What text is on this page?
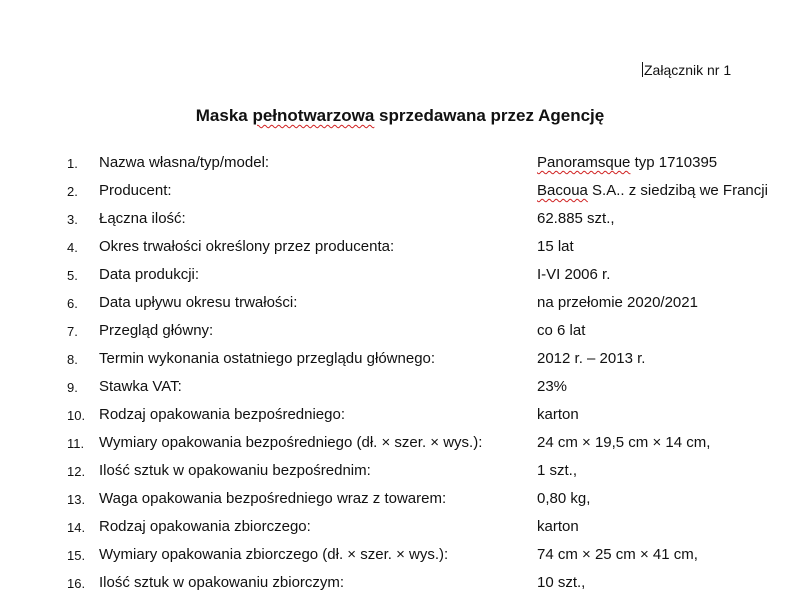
Załącznik nr 1
Maska pełnotwarzowa sprzedawana przez Agencję
1. Nazwa własna/typ/model:	Panoramsque typ 1710395
2. Producent:	Bacoua S.A.. z siedzibą we Francji
3. Łączna ilość:	62.885 szt.,
4. Okres trwałości określony przez producenta:	15 lat
5. Data produkcji:	I-VI 2006 r.
6. Data upływu okresu trwałości:	na przełomie 2020/2021
7. Przegląd główny:	co 6 lat
8. Termin wykonania ostatniego przeglądu głównego:	2012 r. – 2013 r.
9. Stawka VAT:	23%
10. Rodzaj opakowania bezpośredniego:	karton
11. Wymiary opakowania bezpośredniego (dł. × szer. × wys.):	24 cm × 19,5 cm × 14 cm,
12. Ilość sztuk w opakowaniu bezpośrednim:	1 szt.,
13. Waga opakowania bezpośredniego wraz z towarem:	0,80 kg,
14. Rodzaj opakowania zbiorczego:	karton
15. Wymiary opakowania zbiorczego (dł. × szer. × wys.):	74 cm × 25 cm × 41 cm,
16. Ilość sztuk w opakowaniu zbiorczym:	10 szt.,
